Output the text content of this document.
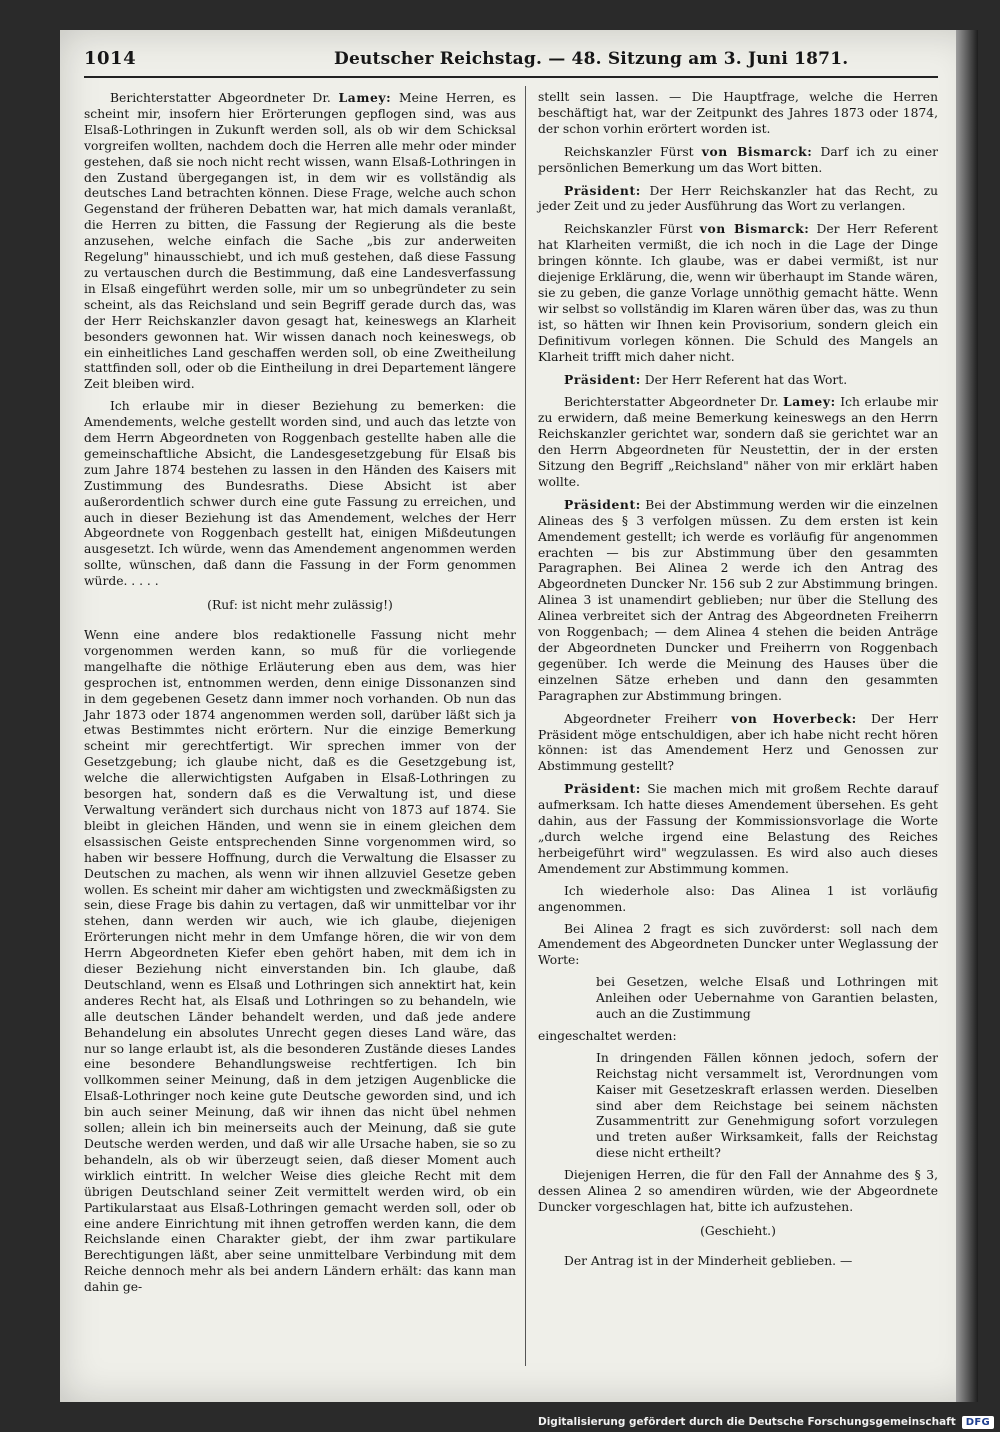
1014	Deutscher Reichstag. — 48. Sitzung am 3. Juni 1871.

Berichterstatter Abgeordneter Dr. Lamey: Meine Herren, es scheint mir, insofern hier Erörterungen gepflogen sind, was aus Elsaß-Lothringen in Zukunft werden soll, als ob wir dem Schicksal vorgreifen wollten, nachdem doch die Herren alle mehr oder minder gestehen, daß sie noch nicht recht wissen, wann Elsaß-Lothringen in den Zustand übergegangen ist, in dem wir es vollständig als deutsches Land betrachten können. Diese Frage, welche auch schon Gegenstand der früheren Debatten war, hat mich damals veranlaßt, die Herren zu bitten, die Fassung der Regierung als die beste anzusehen, welche einfach die Sache „bis zur anderweiten Regelung" hinausschiebt, und ich muß gestehen, daß diese Fassung zu vertauschen durch die Bestimmung, daß eine Landesverfassung in Elsaß eingeführt werden solle, mir um so unbegründeter zu sein scheint, als das Reichsland und sein Begriff gerade durch das, was der Herr Reichskanzler davon gesagt hat, keineswegs an Klarheit besonders gewonnen hat. Wir wissen danach noch keineswegs, ob ein einheitliches Land geschaffen werden soll, ob eine Zweitheilung stattfinden soll, oder ob die Eintheilung in drei Departement längere Zeit bleiben wird.

Ich erlaube mir in dieser Beziehung zu bemerken: die Amendements, welche gestellt worden sind, und auch das letzte von dem Herrn Abgeordneten von Roggenbach gestellte haben alle die gemeinschaftliche Absicht, die Landesgesetzgebung für Elsaß bis zum Jahre 1874 bestehen zu lassen in den Händen des Kaisers mit Zustimmung des Bundesraths. Diese Absicht ist aber außerordentlich schwer durch eine gute Fassung zu erreichen, und auch in dieser Beziehung ist das Amendement, welches der Herr Abgeordnete von Roggenbach gestellt hat, einigen Mißdeutungen ausgesetzt. Ich würde, wenn das Amendement angenommen werden sollte, wünschen, daß dann die Fassung in der Form genommen würde. . . . .

(Ruf: ist nicht mehr zulässig!)

Wenn eine andere blos redaktionelle Fassung nicht mehr vorgenommen werden kann, so muß für die vorliegende mangelhafte die nöthige Erläuterung eben aus dem, was hier gesprochen ist, entnommen werden, denn einige Dissonanzen sind in dem gegebenen Gesetz dann immer noch vorhanden. Ob nun das Jahr 1873 oder 1874 angenommen werden soll, darüber läßt sich ja etwas Bestimmtes nicht erörtern. Nur die einzige Bemerkung scheint mir gerechtfertigt. Wir sprechen immer von der Gesetzgebung; ich glaube nicht, daß es die Gesetzgebung ist, welche die allerwichtigsten Aufgaben in Elsaß-Lothringen zu besorgen hat, sondern daß es die Verwaltung ist, und diese Verwaltung verändert sich durchaus nicht von 1873 auf 1874. Sie bleibt in gleichen Händen, und wenn sie in einem gleichen dem elsassischen Geiste entsprechenden Sinne vorgenommen wird, so haben wir bessere Hoffnung, durch die Verwaltung die Elsasser zu Deutschen zu machen, als wenn wir ihnen allzuviel Gesetze geben wollen. Es scheint mir daher am wichtigsten und zweckmäßigsten zu sein, diese Frage bis dahin zu vertagen, daß wir unmittelbar vor ihr stehen, dann werden wir auch, wie ich glaube, diejenigen Erörterungen nicht mehr in dem Umfange hören, die wir von dem Herrn Abgeordneten Kiefer eben gehört haben, mit dem ich in dieser Beziehung nicht einverstanden bin. Ich glaube, daß Deutschland, wenn es Elsaß und Lothringen sich annektirt hat, kein anderes Recht hat, als Elsaß und Lothringen so zu behandeln, wie alle deutschen Länder behandelt werden, und daß jede andere Behandelung ein absolutes Unrecht gegen dieses Land wäre, das nur so lange erlaubt ist, als die besonderen Zustände dieses Landes eine besondere Behandlungsweise rechtfertigen. Ich bin vollkommen seiner Meinung, daß in dem jetzigen Augenblicke die Elsaß-Lothringer noch keine gute Deutsche geworden sind, und ich bin auch seiner Meinung, daß wir ihnen das nicht übel nehmen sollen; allein ich bin meinerseits auch der Meinung, daß sie gute Deutsche werden werden, und daß wir alle Ursache haben, sie so zu behandeln, als ob wir überzeugt seien, daß dieser Moment auch wirklich eintritt. In welcher Weise dies gleiche Recht mit dem übrigen Deutschland seiner Zeit vermittelt werden wird, ob ein Partikularstaat aus Elsaß-Lothringen gemacht werden soll, oder ob eine andere Einrichtung mit ihnen getroffen werden kann, die dem Reichslande einen Charakter giebt, der ihm zwar partikulare Berechtigungen läßt, aber seine unmittelbare Verbindung mit dem Reiche dennoch mehr als bei andern Ländern erhält: das kann man dahin ge-

stellt sein lassen. — Die Hauptfrage, welche die Herren beschäftigt hat, war der Zeitpunkt des Jahres 1873 oder 1874, der schon vorhin erörtert worden ist.

Reichskanzler Fürst von Bismarck: Darf ich zu einer persönlichen Bemerkung um das Wort bitten.

Präsident: Der Herr Reichskanzler hat das Recht, zu jeder Zeit und zu jeder Ausführung das Wort zu verlangen.

Reichskanzler Fürst von Bismarck: Der Herr Referent hat Klarheiten vermißt, die ich noch in die Lage der Dinge bringen könnte. Ich glaube, was er dabei vermißt, ist nur diejenige Erklärung, die, wenn wir überhaupt im Stande wären, sie zu geben, die ganze Vorlage unnöthig gemacht hätte. Wenn wir selbst so vollständig im Klaren wären über das, was zu thun ist, so hätten wir Ihnen kein Provisorium, sondern gleich ein Definitivum vorlegen können. Die Schuld des Mangels an Klarheit trifft mich daher nicht.

Präsident: Der Herr Referent hat das Wort.

Berichterstatter Abgeordneter Dr. Lamey: Ich erlaube mir zu erwidern, daß meine Bemerkung keineswegs an den Herrn Reichskanzler gerichtet war, sondern daß sie gerichtet war an den Herrn Abgeordneten für Neustettin, der in der ersten Sitzung den Begriff „Reichsland" näher von mir erklärt haben wollte.

Präsident: Bei der Abstimmung werden wir die einzelnen Alineas des § 3 verfolgen müssen. Zu dem ersten ist kein Amendement gestellt; ich werde es vorläufig für angenommen erachten — bis zur Abstimmung über den gesammten Paragraphen. Bei Alinea 2 werde ich den Antrag des Abgeordneten Duncker Nr. 156 sub 2 zur Abstimmung bringen. Alinea 3 ist unamendirt geblieben; nur über die Stellung des Alinea verbreitet sich der Antrag des Abgeordneten Freiherrn von Roggenbach; — dem Alinea 4 stehen die beiden Anträge der Abgeordneten Duncker und Freiherrn von Roggenbach gegenüber. Ich werde die Meinung des Hauses über die einzelnen Sätze erheben und dann den gesammten Paragraphen zur Abstimmung bringen.

Abgeordneter Freiherr von Hoverbeck: Der Herr Präsident möge entschuldigen, aber ich habe nicht recht hören können: ist das Amendement Herz und Genossen zur Abstimmung gestellt?

Präsident: Sie machen mich mit großem Rechte darauf aufmerksam. Ich hatte dieses Amendement übersehen. Es geht dahin, aus der Fassung der Kommissionsvorlage die Worte „durch welche irgend eine Belastung des Reiches herbeigeführt wird" wegzulassen. Es wird also auch dieses Amendement zur Abstimmung kommen.

Ich wiederhole also: Das Alinea 1 ist vorläufig angenommen.

Bei Alinea 2 fragt es sich zuvörderst: soll nach dem Amendement des Abgeordneten Duncker unter Weglassung der Worte:

bei Gesetzen, welche Elsaß und Lothringen mit Anleihen oder Uebernahme von Garantien belasten, auch an die Zustimmung

eingeschaltet werden:

In dringenden Fällen können jedoch, sofern der Reichstag nicht versammelt ist, Verordnungen vom Kaiser mit Gesetzeskraft erlassen werden. Dieselben sind aber dem Reichstage bei seinem nächsten Zusammentritt zur Genehmigung sofort vorzulegen und treten außer Wirksamkeit, falls der Reichstag diese nicht ertheilt?

Diejenigen Herren, die für den Fall der Annahme des § 3, dessen Alinea 2 so amendiren würden, wie der Abgeordnete Duncker vorgeschlagen hat, bitte ich aufzustehen.

(Geschieht.)

Der Antrag ist in der Minderheit geblieben. —

Digitalisierung gefördert durch die Deutsche Forschungsgemeinschaft	DFG
